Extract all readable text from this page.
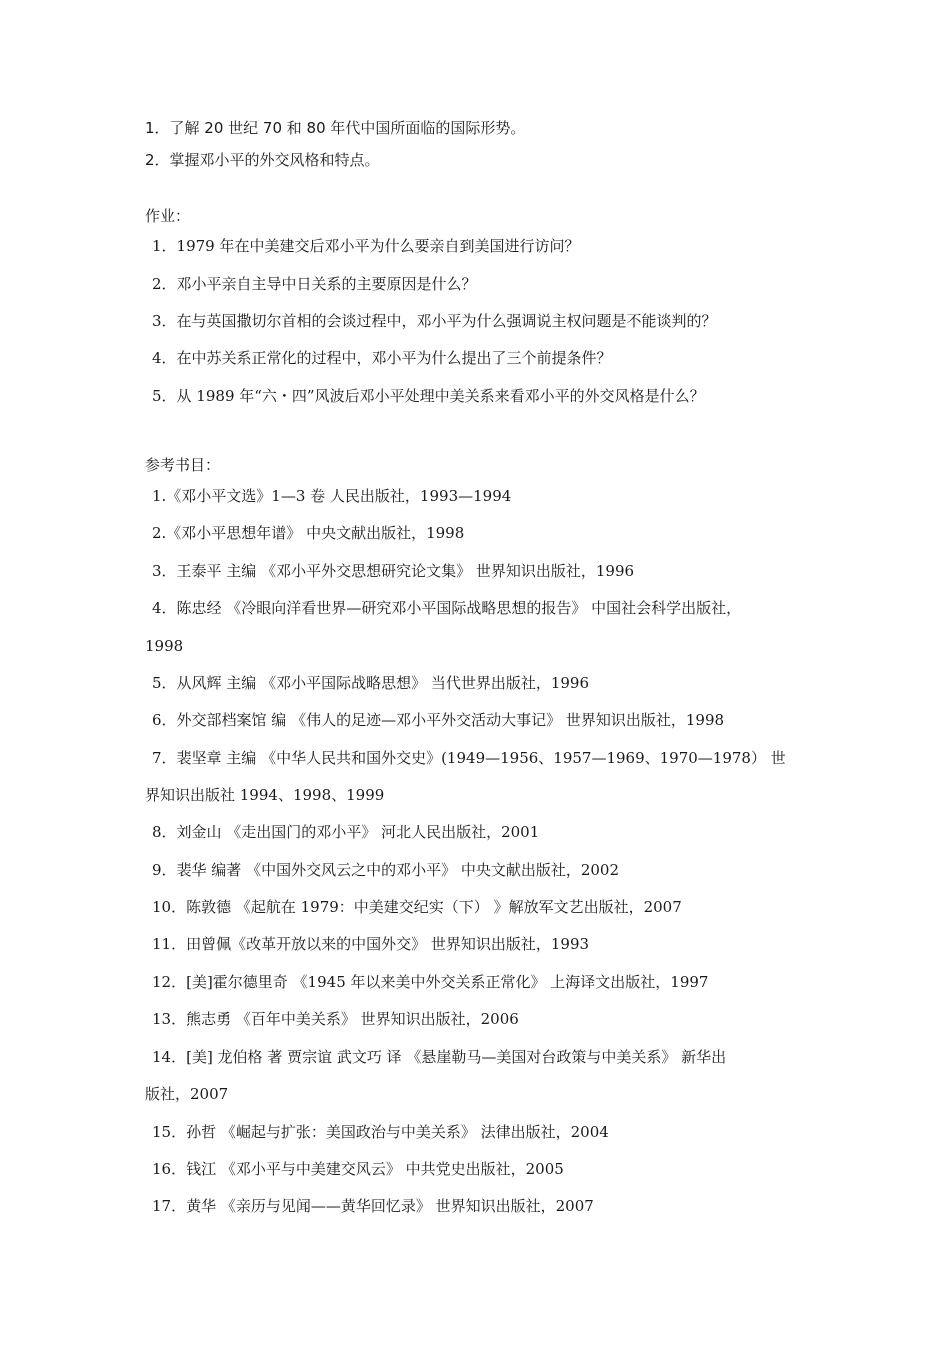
1．了解 20 世纪 70 和 80 年代中国所面临的国际形势。
2．掌握邓小平的外交风格和特点。
作业：
1．1979 年在中美建交后邓小平为什么要亲自到美国进行访问？
2．邓小平亲自主导中日关系的主要原因是什么？
3．在与英国撒切尔首相的会谈过程中，邓小平为什么强调说主权问题是不能谈判的？
4．在中苏关系正常化的过程中，邓小平为什么提出了三个前提条件？
5．从 1989 年“六・四”风波后邓小平处理中美关系来看邓小平的外交风格是什么？
参考书目：
1.《邓小平文选》1—3 卷 人民出版社，1993—1994
2.《邓小平思想年谱》 中央文献出版社，1998
3．王泰平 主编 《邓小平外交思想研究论文集》 世界知识出版社，1996
4．陈忠经 《冷眼向洋看世界—研究邓小平国际战略思想的报告》 中国社会科学出版社，
1998
5．从风辉 主编 《邓小平国际战略思想》 当代世界出版社，1996
6．外交部档案馆 编 《伟人的足迹—邓小平外交活动大事记》 世界知识出版社，1998
7．裴坚章 主编 《中华人民共和国外交史》(1949—1956、1957—1969、1970—1978） 世
界知识出版社 1994、1998、1999
8．刘金山 《走出国门的邓小平》 河北人民出版社，2001
9．裴华 编著 《中国外交风云之中的邓小平》 中央文献出版社，2002
10．陈敦德 《起航在 1979：中美建交纪实（下） 》解放军文艺出版社，2007
11．田曾佩《改革开放以来的中国外交》 世界知识出版社，1993
12．[美]霍尔德里奇 《1945 年以来美中外交关系正常化》 上海译文出版社，1997
13．熊志勇 《百年中美关系》 世界知识出版社，2006
14．[美] 龙伯格 著 贾宗谊 武文巧 译 《悬崖勒马—美国对台政策与中美关系》 新华出
版社，2007
15．孙哲 《崛起与扩张：美国政治与中美关系》 法律出版社，2004
16．钱江 《邓小平与中美建交风云》 中共党史出版社，2005
17．黄华 《亲历与见闻——黄华回忆录》 世界知识出版社，2007
